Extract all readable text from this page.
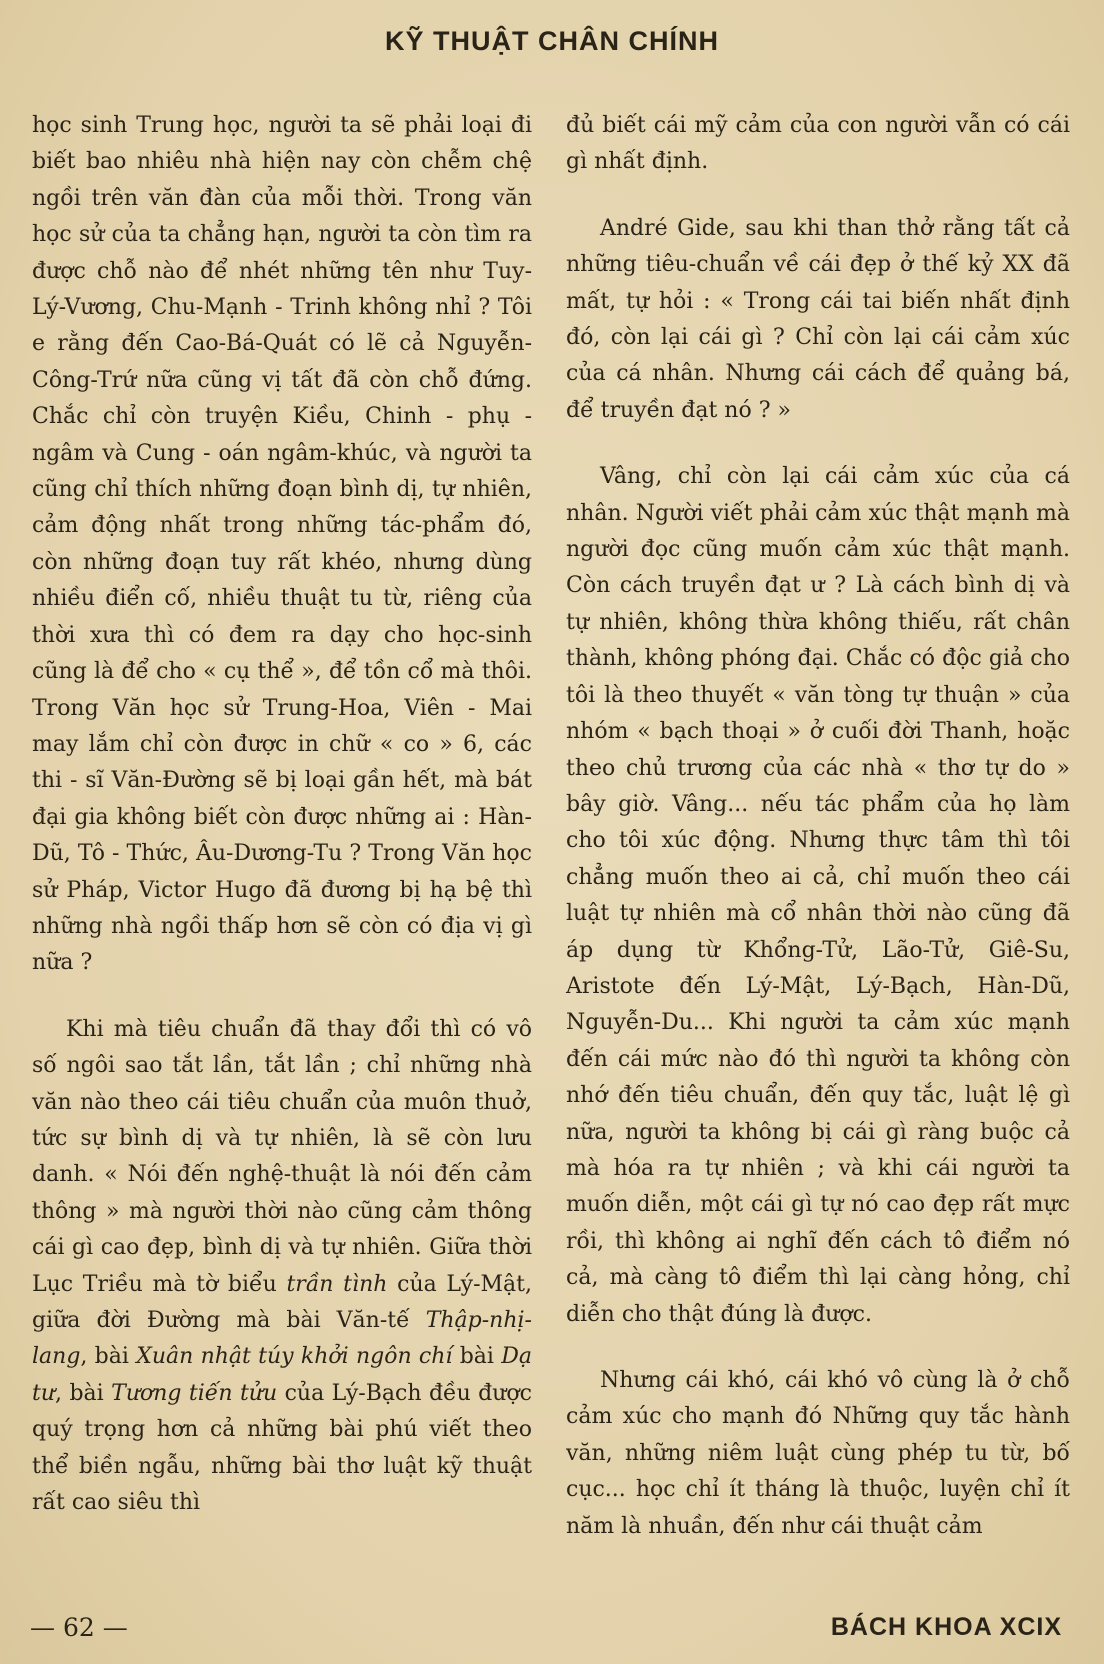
KỸ THUẬT CHÂN CHÍNH

học sinh Trung học, người ta sẽ phải loại đi biết bao nhiêu nhà hiện nay còn chễm chệ ngồi trên văn đàn của mỗi thời. Trong văn học sử của ta chẳng hạn, người ta còn tìm ra được chỗ nào để nhét những tên như Tuy-Lý-Vương, Chu-Mạnh - Trinh không nhỉ ? Tôi e rằng đến Cao-Bá-Quát có lẽ cả Nguyễn-Công-Trứ nữa cũng vị tất đã còn chỗ đứng. Chắc chỉ còn truyện Kiều, Chinh - phụ - ngâm và Cung - oán ngâm-khúc, và người ta cũng chỉ thích những đoạn bình dị, tự nhiên, cảm động nhất trong những tác-phẩm đó, còn những đoạn tuy rất khéo, nhưng dùng nhiều điển cố, nhiều thuật tu từ, riêng của thời xưa thì có đem ra dạy cho học-sinh cũng là để cho « cụ thể », để tồn cổ mà thôi. Trong Văn học sử Trung-Hoa, Viên - Mai may lắm chỉ còn được in chữ « co » 6, các thi - sĩ Văn-Đường sẽ bị loại gần hết, mà bát đại gia không biết còn được những ai : Hàn-Dũ, Tô - Thức, Âu-Dương-Tu ? Trong Văn học sử Pháp, Victor Hugo đã đương bị hạ bệ thì những nhà ngồi thấp hơn sẽ còn có địa vị gì nữa ?

Khi mà tiêu chuẩn đã thay đổi thì có vô số ngôi sao tắt lần, tắt lần ; chỉ những nhà văn nào theo cái tiêu chuẩn của muôn thuở, tức sự bình dị và tự nhiên, là sẽ còn lưu danh. « Nói đến nghệ-thuật là nói đến cảm thông » mà người thời nào cũng cảm thông cái gì cao đẹp, bình dị và tự nhiên. Giữa thời Lục Triều mà tờ biểu trần tình của Lý-Mật, giữa đời Đường mà bài Văn-tế Thập-nhị-lang, bài Xuân nhật túy khởi ngôn chí bài Dạ tư, bài Tương tiến tửu của Lý-Bạch đều được quý trọng hơn cả những bài phú viết theo thể biền ngẫu, những bài thơ luật kỹ thuật rất cao siêu thì

đủ biết cái mỹ cảm của con người vẫn có cái gì nhất định.

André Gide, sau khi than thở rằng tất cả những tiêu-chuẩn về cái đẹp ở thế kỷ XX đã mất, tự hỏi : « Trong cái tai biến nhất định đó, còn lại cái gì ? Chỉ còn lại cái cảm xúc của cá nhân. Nhưng cái cách để quảng bá, để truyền đạt nó ? »

Vâng, chỉ còn lại cái cảm xúc của cá nhân. Người viết phải cảm xúc thật mạnh mà người đọc cũng muốn cảm xúc thật mạnh. Còn cách truyền đạt ư ? Là cách bình dị và tự nhiên, không thừa không thiếu, rất chân thành, không phóng đại. Chắc có độc giả cho tôi là theo thuyết « văn tòng tự thuận » của nhóm « bạch thoại » ở cuối đời Thanh, hoặc theo chủ trương của các nhà « thơ tự do » bây giờ. Vâng... nếu tác phẩm của họ làm cho tôi xúc động. Nhưng thực tâm thì tôi chẳng muốn theo ai cả, chỉ muốn theo cái luật tự nhiên mà cổ nhân thời nào cũng đã áp dụng từ Khổng-Tử, Lão-Tử, Giê-Su, Aristote đến Lý-Mật, Lý-Bạch, Hàn-Dũ, Nguyễn-Du... Khi người ta cảm xúc mạnh đến cái mức nào đó thì người ta không còn nhớ đến tiêu chuẩn, đến quy tắc, luật lệ gì nữa, người ta không bị cái gì ràng buộc cả mà hóa ra tự nhiên ; và khi cái người ta muốn diễn, một cái gì tự nó cao đẹp rất mực rồi, thì không ai nghĩ đến cách tô điểm nó cả, mà càng tô điểm thì lại càng hỏng, chỉ diễn cho thật đúng là được.

Nhưng cái khó, cái khó vô cùng là ở chỗ cảm xúc cho mạnh đó Những quy tắc hành văn, những niêm luật cùng phép tu từ, bố cục... học chỉ ít tháng là thuộc, luyện chỉ ít năm là nhuần, đến như cái thuật cảm

— 62 —	BÁCH KHOA XCIX
